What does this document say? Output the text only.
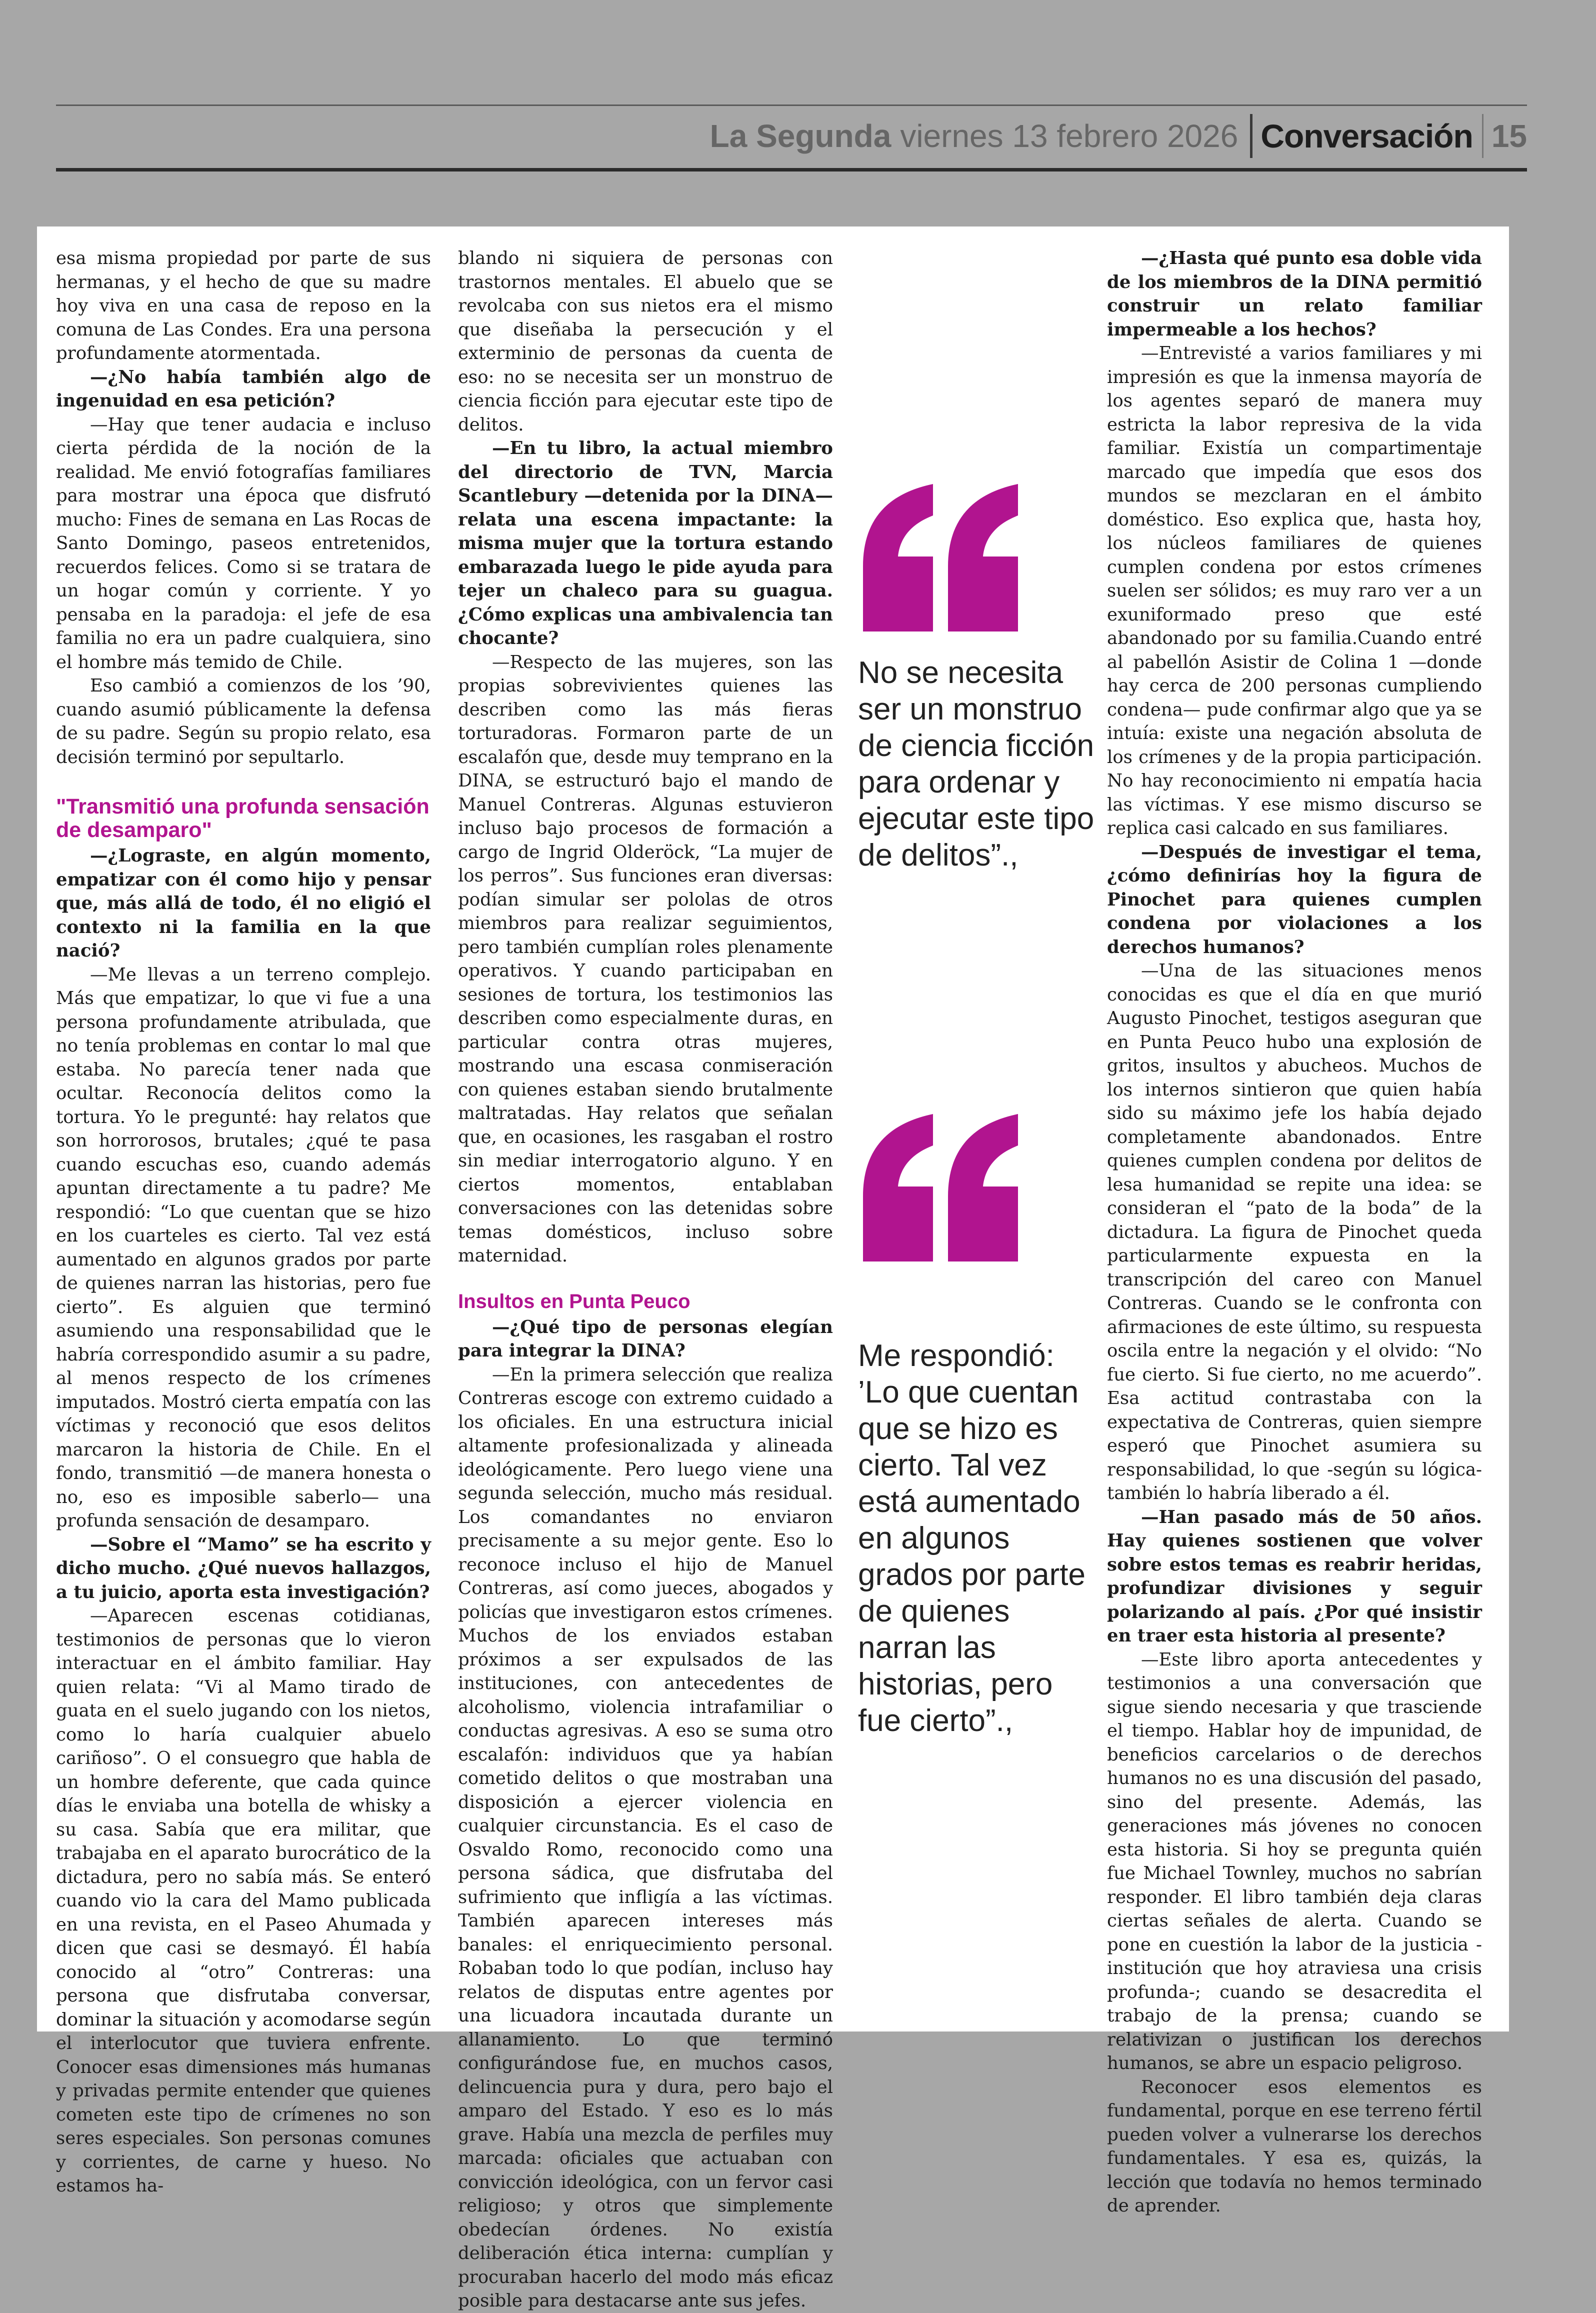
La Segunda viernes 13 febrero 2026 Conversación 15

esa misma propiedad por parte de sus hermanas, y el hecho de que su madre hoy viva en una casa de reposo en la comuna de Las Condes. Era una persona profundamente atormentada.

—¿No había también algo de ingenuidad en esa petición?

—Hay que tener audacia e incluso cierta pérdida de la noción de la realidad. Me envió fotografías familiares para mostrar una época que disfrutó mucho: Fines de semana en Las Rocas de Santo Domingo, paseos entretenidos, recuerdos felices. Como si se tratara de un hogar común y corriente. Y yo pensaba en la paradoja: el jefe de esa familia no era un padre cualquiera, sino el hombre más temido de Chile.

Eso cambió a comienzos de los ’90, cuando asumió públicamente la defensa de su padre. Según su propio relato, esa decisión terminó por sepultarlo.

"Transmitió una profunda sensación de desamparo"

—¿Lograste, en algún momento, empatizar con él como hijo y pensar que, más allá de todo, él no eligió el contexto ni la familia en la que nació?

—Me llevas a un terreno complejo. Más que empatizar, lo que vi fue a una persona profundamente atribulada, que no tenía problemas en contar lo mal que estaba. No parecía tener nada que ocultar. Reconocía delitos como la tortura. Yo le pregunté: hay relatos que son horrorosos, brutales; ¿qué te pasa cuando escuchas eso, cuando además apuntan directamente a tu padre? Me respondió: “Lo que cuentan que se hizo en los cuarteles es cierto. Tal vez está aumentado en algunos grados por parte de quienes narran las historias, pero fue cierto”. Es alguien que terminó asumiendo una responsabilidad que le habría correspondido asumir a su padre, al menos respecto de los crímenes imputados. Mostró cierta empatía con las víctimas y reconoció que esos delitos marcaron la historia de Chile. En el fondo, transmitió —de manera honesta o no, eso es imposible saberlo— una profunda sensación de desamparo.

—Sobre el “Mamo” se ha escrito y dicho mucho. ¿Qué nuevos hallazgos, a tu juicio, aporta esta investigación?

—Aparecen escenas cotidianas, testimonios de personas que lo vieron interactuar en el ámbito familiar. Hay quien relata: “Vi al Mamo tirado de guata en el suelo jugando con los nietos, como lo haría cualquier abuelo cariñoso”. O el consuegro que habla de un hombre deferente, que cada quince días le enviaba una botella de whisky a su casa. Sabía que era militar, que trabajaba en el aparato burocrático de la dictadura, pero no sabía más. Se enteró cuando vio la cara del Mamo publicada en una revista, en el Paseo Ahumada y dicen que casi se desmayó. Él había conocido al “otro” Contreras: una persona que disfrutaba conversar, dominar la situación y acomodarse según el interlocutor que tuviera enfrente. Conocer esas dimensiones más humanas y privadas permite entender que quienes cometen este tipo de crímenes no son seres especiales. Son personas comunes y corrientes, de carne y hueso. No estamos ha-

blando ni siquiera de personas con trastornos mentales. El abuelo que se revolcaba con sus nietos era el mismo que diseñaba la persecución y el exterminio de personas da cuenta de eso: no se necesita ser un monstruo de ciencia ficción para ejecutar este tipo de delitos.

—En tu libro, la actual miembro del directorio de TVN, Marcia Scantlebury —detenida por la DINA— relata una escena impactante: la misma mujer que la tortura estando embarazada luego le pide ayuda para tejer un chaleco para su guagua. ¿Cómo explicas una ambivalencia tan chocante?

—Respecto de las mujeres, son las propias sobrevivientes quienes las describen como las más fieras torturadoras. Formaron parte de un escalafón que, desde muy temprano en la DINA, se estructuró bajo el mando de Manuel Contreras. Algunas estuvieron incluso bajo procesos de formación a cargo de Ingrid Olderöck, “La mujer de los perros”. Sus funciones eran diversas: podían simular ser pololas de otros miembros para realizar seguimientos, pero también cumplían roles plenamente operativos. Y cuando participaban en sesiones de tortura, los testimonios las describen como especialmente duras, en particular contra otras mujeres, mostrando una escasa conmiseración con quienes estaban siendo brutalmente maltratadas. Hay relatos que señalan que, en ocasiones, les rasgaban el rostro sin mediar interrogatorio alguno. Y en ciertos momentos, entablaban conversaciones con las detenidas sobre temas domésticos, incluso sobre maternidad.

Insultos en Punta Peuco

—¿Qué tipo de personas elegían para integrar la DINA?

—En la primera selección que realiza Contreras escoge con extremo cuidado a los oficiales. En una estructura inicial altamente profesionalizada y alineada ideológicamente. Pero luego viene una segunda selección, mucho más residual. Los comandantes no enviaron precisamente a su mejor gente. Eso lo reconoce incluso el hijo de Manuel Contreras, así como jueces, abogados y policías que investigaron estos crímenes. Muchos de los enviados estaban próximos a ser expulsados de las instituciones, con antecedentes de alcoholismo, violencia intrafamiliar o conductas agresivas. A eso se suma otro escalafón: individuos que ya habían cometido delitos o que mostraban una disposición a ejercer violencia en cualquier circunstancia. Es el caso de Osvaldo Romo, reconocido como una persona sádica, que disfrutaba del sufrimiento que infligía a las víctimas. También aparecen intereses más banales: el enriquecimiento personal. Robaban todo lo que podían, incluso hay relatos de disputas entre agentes por una licuadora incautada durante un allanamiento. Lo que terminó configurándose fue, en muchos casos, delincuencia pura y dura, pero bajo el amparo del Estado. Y eso es lo más grave. Había una mezcla de perfiles muy marcada: oficiales que actuaban con convicción ideológica, con un fervor casi religioso; y otros que simplemente obedecían órdenes. No existía deliberación ética interna: cumplían y procuraban hacerlo del modo más eficaz posible para destacarse ante sus jefes.

No se necesita ser un monstruo de ciencia ficción para ordenar y ejecutar este tipo de delitos”.,
Me respondió: ’Lo que cuentan que se hizo es cierto. Tal vez está aumentado en algunos grados por parte de quienes narran las historias, pero fue cierto”.,

—¿Hasta qué punto esa doble vida de los miembros de la DINA permitió construir un relato familiar impermeable a los hechos?

—Entrevisté a varios familiares y mi impresión es que la inmensa mayoría de los agentes separó de manera muy estricta la labor represiva de la vida familiar. Existía un compartimentaje marcado que impedía que esos dos mundos se mezclaran en el ámbito doméstico. Eso explica que, hasta hoy, los núcleos familiares de quienes cumplen condena por estos crímenes suelen ser sólidos; es muy raro ver a un exuniformado preso que esté abandonado por su familia.Cuando entré al pabellón Asistir de Colina 1 —donde hay cerca de 200 personas cumpliendo condena— pude confirmar algo que ya se intuía: existe una negación absoluta de los crímenes y de la propia participación. No hay reconocimiento ni empatía hacia las víctimas. Y ese mismo discurso se replica casi calcado en sus familiares.

—Después de investigar el tema, ¿cómo definirías hoy la figura de Pinochet para quienes cumplen condena por violaciones a los derechos humanos?

—Una de las situaciones menos conocidas es que el día en que murió Augusto Pinochet, testigos aseguran que en Punta Peuco hubo una explosión de gritos, insultos y abucheos. Muchos de los internos sintieron que quien había sido su máximo jefe los había dejado completamente abandonados. Entre quienes cumplen condena por delitos de lesa humanidad se repite una idea: se consideran el “pato de la boda” de la dictadura. La figura de Pinochet queda particularmente expuesta en la transcripción del careo con Manuel Contreras. Cuando se le confronta con afirmaciones de este último, su respuesta oscila entre la negación y el olvido: “No fue cierto. Si fue cierto, no me acuerdo”. Esa actitud contrastaba con la expectativa de Contreras, quien siempre esperó que Pinochet asumiera su responsabilidad, lo que -según su lógica- también lo habría liberado a él.

—Han pasado más de 50 años. Hay quienes sostienen que volver sobre estos temas es reabrir heridas, profundizar divisiones y seguir polarizando al país. ¿Por qué insistir en traer esta historia al presente?

—Este libro aporta antecedentes y testimonios a una conversación que sigue siendo necesaria y que trasciende el tiempo. Hablar hoy de impunidad, de beneficios carcelarios o de derechos humanos no es una discusión del pasado, sino del presente. Además, las generaciones más jóvenes no conocen esta historia. Si hoy se pregunta quién fue Michael Townley, muchos no sabrían responder. El libro también deja claras ciertas señales de alerta. Cuando se pone en cuestión la labor de la justicia -institución que hoy atraviesa una crisis profunda-; cuando se desacredita el trabajo de la prensa; cuando se relativizan o justifican los derechos humanos, se abre un espacio peligroso.

Reconocer esos elementos es fundamental, porque en ese terreno fértil pueden volver a vulnerarse los derechos fundamentales. Y esa es, quizás, la lección que todavía no hemos terminado de aprender.
